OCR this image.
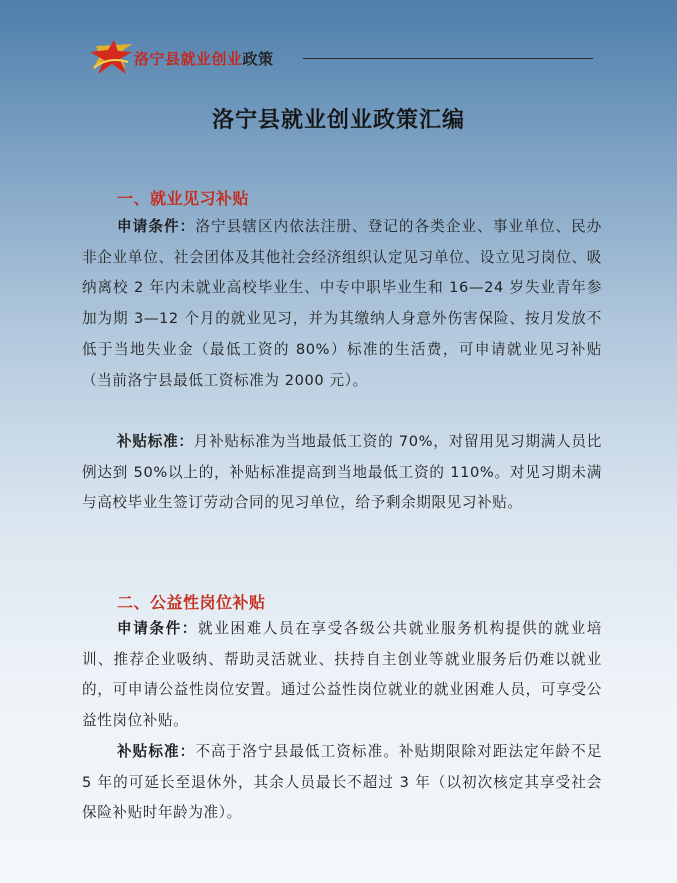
洛宁县就业创业政策
洛宁县就业创业政策汇编
一、就业见习补贴

申请条件：洛宁县辖区内依法注册、登记的各类企业、事业单位、民办非企业单位、社会团体及其他社会经济组织认定见习单位、设立见习岗位、吸纳离校 2 年内未就业高校毕业生、中专中职毕业生和 16—24 岁失业青年参加为期 3—12 个月的就业见习，并为其缴纳人身意外伤害保险、按月发放不低于当地失业金（最低工资的 80%）标准的生活费，可申请就业见习补贴（当前洛宁县最低工资标准为 2000 元）。

补贴标准：月补贴标准为当地最低工资的 70%，对留用见习期满人员比例达到 50%以上的，补贴标准提高到当地最低工资的 110%。对见习期未满与高校毕业生签订劳动合同的见习单位，给予剩余期限见习补贴。

二、公益性岗位补贴

申请条件：就业困难人员在享受各级公共就业服务机构提供的就业培训、推荐企业吸纳、帮助灵活就业、扶持自主创业等就业服务后仍难以就业的，可申请公益性岗位安置。通过公益性岗位就业的就业困难人员，可享受公益性岗位补贴。

补贴标准：不高于洛宁县最低工资标准。补贴期限除对距法定年龄不足 5 年的可延长至退休外，其余人员最长不超过 3 年（以初次核定其享受社会保险补贴时年龄为准）。
